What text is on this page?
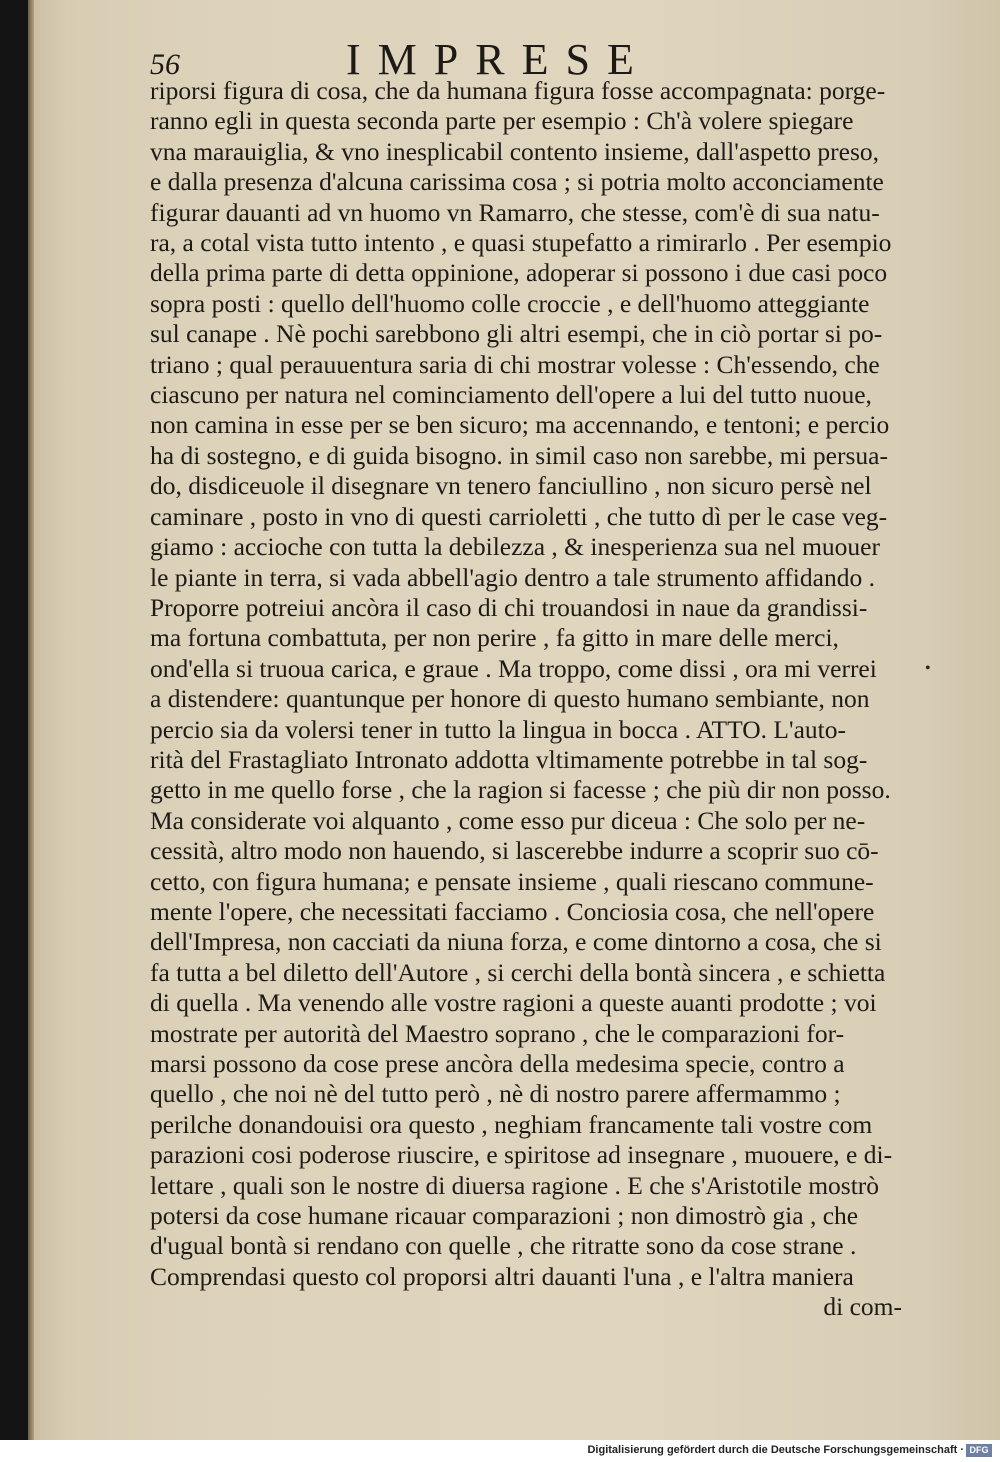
56	IMPRESE
riporsi figura di cosa, che da humana figura fosse accompagnata: porge-
ranno egli in questa seconda parte per esempio : Ch'à volere spiegare
vna marauiglia, & vno inesplicabil contento insieme, dall'aspetto preso,
e dalla presenza d'alcuna carissima cosa ; si potria molto acconciamente
figurar dauanti ad vn huomo vn Ramarro, che stesse, com'è di sua natu-
ra, a cotal vista tutto intento , e quasi stupefatto a rimirarlo . Per esempio
della prima parte di detta oppinione, adoperar si possono i due casi poco
sopra posti : quello dell'huomo colle croccie , e dell'huomo atteggiante
sul canape . Nè pochi sarebbono gli altri esempi, che in ciò portar si po-
triano ; qual perauuentura saria di chi mostrar volesse : Ch'essendo, che
ciascuno per natura nel cominciamento dell'opere a lui del tutto nuoue,
non camina in esse per se ben sicuro; ma accennando, e tentoni; e percio
ha di sostegno, e di guida bisogno. in simil caso non sarebbe, mi persua-
do, disdiceuole il disegnare vn tenero fanciullino , non sicuro persè nel
caminare , posto in vno di questi carrioletti , che tutto dì per le case veg-
giamo : accioche con tutta la debilezza , & inesperienza sua nel muouer
le piante in terra, si vada abbell'agio dentro a tale strumento affidando .
Proporre potreiui ancòra il caso di chi trouandosi in naue da grandissi-
ma fortuna combattuta, per non perire , fa gitto in mare delle merci,
ond'ella si truoua carica, e graue . Ma troppo, come dissi , ora mi verrei
a distendere: quantunque per honore di questo humano sembiante, non
percio sia da volersi tener in tutto la lingua in bocca . ATTO. L'auto-
rità del Frastagliato Intronato addotta vltimamente potrebbe in tal sog-
getto in me quello forse , che la ragion si facesse ; che più dir non posso.
Ma considerate voi alquanto , come esso pur diceua : Che solo per ne-
cessità, altro modo non hauendo, si lascerebbe indurre a scoprir suo cō-
cetto, con figura humana; e pensate insieme , quali riescano commune-
mente l'opere, che necessitati facciamo . Conciosia cosa, che nell'opere
dell'Impresa, non cacciati da niuna forza, e come dintorno a cosa, che si
fa tutta a bel diletto dell'Autore , si cerchi della bontà sincera , e schietta
di quella . Ma venendo alle vostre ragioni a queste auanti prodotte ; voi
mostrate per autorità del Maestro soprano , che le comparazioni for-
marsi possono da cose prese ancòra della medesima specie, contro a
quello , che noi nè del tutto però , nè di nostro parere affermammo ;
perilche donandouisi ora questo , neghiam francamente tali vostre com
parazioni cosi poderose riuscire, e spiritose ad insegnare , muouere, e di-
lettare , quali son le nostre di diuersa ragione . E che s'Aristotile mostrò
potersi da cose humane ricauar comparazioni ; non dimostrò gia , che
d'ugual bontà si rendano con quelle , che ritratte sono da cose strane .
Comprendasi questo col proporsi altri dauanti l'una , e l'altra maniera
di com-
•
Digitalisierung gefördert durch die Deutsche Forschungsgemeinschaft · DFG
